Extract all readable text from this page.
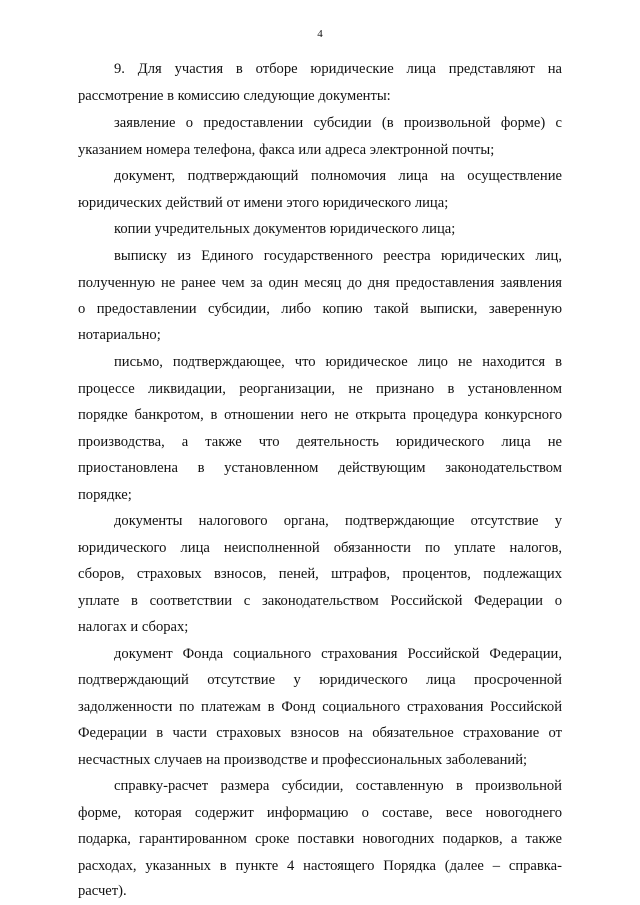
4
9. Для участия в отборе юридические лица представляют на
рассмотрение в комиссию следующие документы:
заявление о предоставлении субсидии (в произвольной форме) с
указанием номера телефона, факса или адреса электронной почты;
документ, подтверждающий полномочия лица на осуществление
юридических действий от имени этого юридического лица;
копии учредительных документов юридического лица;
выписку из Единого государственного реестра юридических лиц,
полученную не ранее чем за один месяц до дня предоставления заявления
о предоставлении субсидии, либо копию такой выписки, заверенную
нотариально;
письмо, подтверждающее, что юридическое лицо не находится в
процессе ликвидации, реорганизации, не признано в установленном
порядке банкротом, в отношении него не открыта процедура конкурсного
производства, а также что деятельность юридического лица не
приостановлена в установленном действующим законодательством
порядке;
документы налогового органа, подтверждающие отсутствие у
юридического лица неисполненной обязанности по уплате налогов,
сборов, страховых взносов, пеней, штрафов, процентов, подлежащих
уплате в соответствии с законодательством Российской Федерации о
налогах и сборах;
документ Фонда социального страхования Российской Федерации,
подтверждающий отсутствие у юридического лица просроченной
задолженности по платежам в Фонд социального страхования Российской
Федерации в части страховых взносов на обязательное страхование от
несчастных случаев на производстве и профессиональных заболеваний;
справку-расчет размера субсидии, составленную в произвольной
форме, которая содержит информацию о составе, весе новогоднего
подарка, гарантированном сроке поставки новогодних подарков, а также
расходах, указанных в пункте 4 настоящего Порядка (далее – справка-
расчет).
